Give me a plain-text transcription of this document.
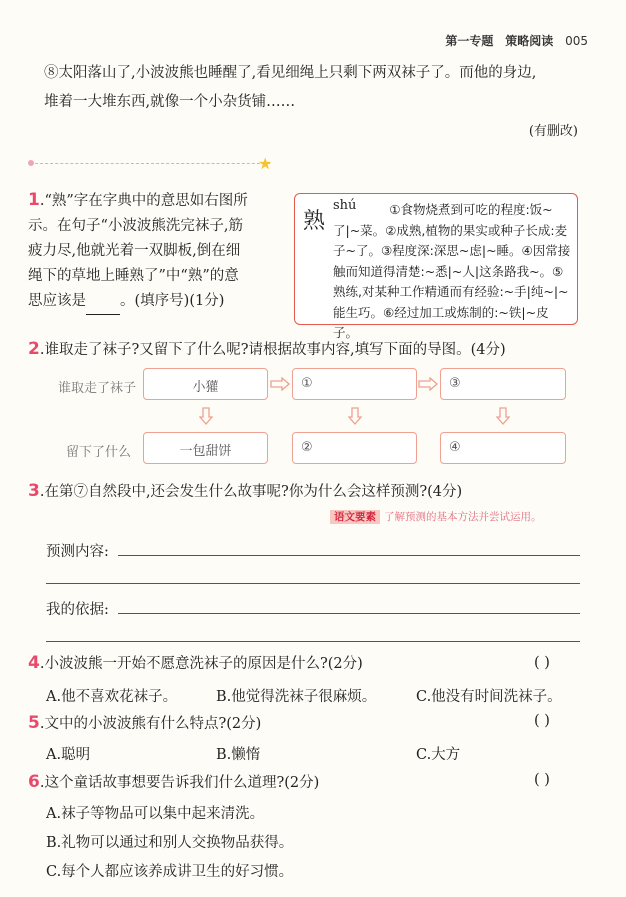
第一专题 策略阅读 005
⑧太阳落山了,小波波熊也睡醒了,看见细绳上只剩下两双袜子了。而他的身边,
堆着一大堆东西,就像一个小杂货铺……
(有删改)
★
1.“熟”字在字典中的意思如右图所
示。在句子“小波波熊洗完袜子,筋
疲力尽,他就光着一双脚板,倒在细
绳下的草地上睡熟了”中“熟”的意
思应该是 。(填序号)(1分)
熟
shú	①食物烧煮到可吃的程度:饭~了|~菜。②成熟,植物的果实或种子长成:麦子~了。③程度深:深思~虑|~睡。④因常接触而知道得清楚:~悉|~人|这条路我~。⑤熟练,对某种工作精通而有经验:~手|纯~|~能生巧。⑥经过加工或炼制的:~铁|~皮子。
2.谁取走了袜子?又留下了什么呢?请根据故事内容,填写下面的导图。(4分)
谁取走了袜子
留下了什么
小獾	①	③
一包甜饼	②	④
3.在第⑦自然段中,还会发生什么故事呢?你为什么会这样预测?(4分)
语文要素 了解预测的基本方法并尝试运用。
预测内容:
我的依据:
4.小波波熊一开始不愿意洗袜子的原因是什么?(2分)	( )
A.他不喜欢花袜子。	B.他觉得洗袜子很麻烦。	C.他没有时间洗袜子。
5.文中的小波波熊有什么特点?(2分)	( )
A.聪明	B.懒惰	C.大方
6.这个童话故事想要告诉我们什么道理?(2分)	( )
A.袜子等物品可以集中起来清洗。
B.礼物可以通过和别人交换物品获得。
C.每个人都应该养成讲卫生的好习惯。
